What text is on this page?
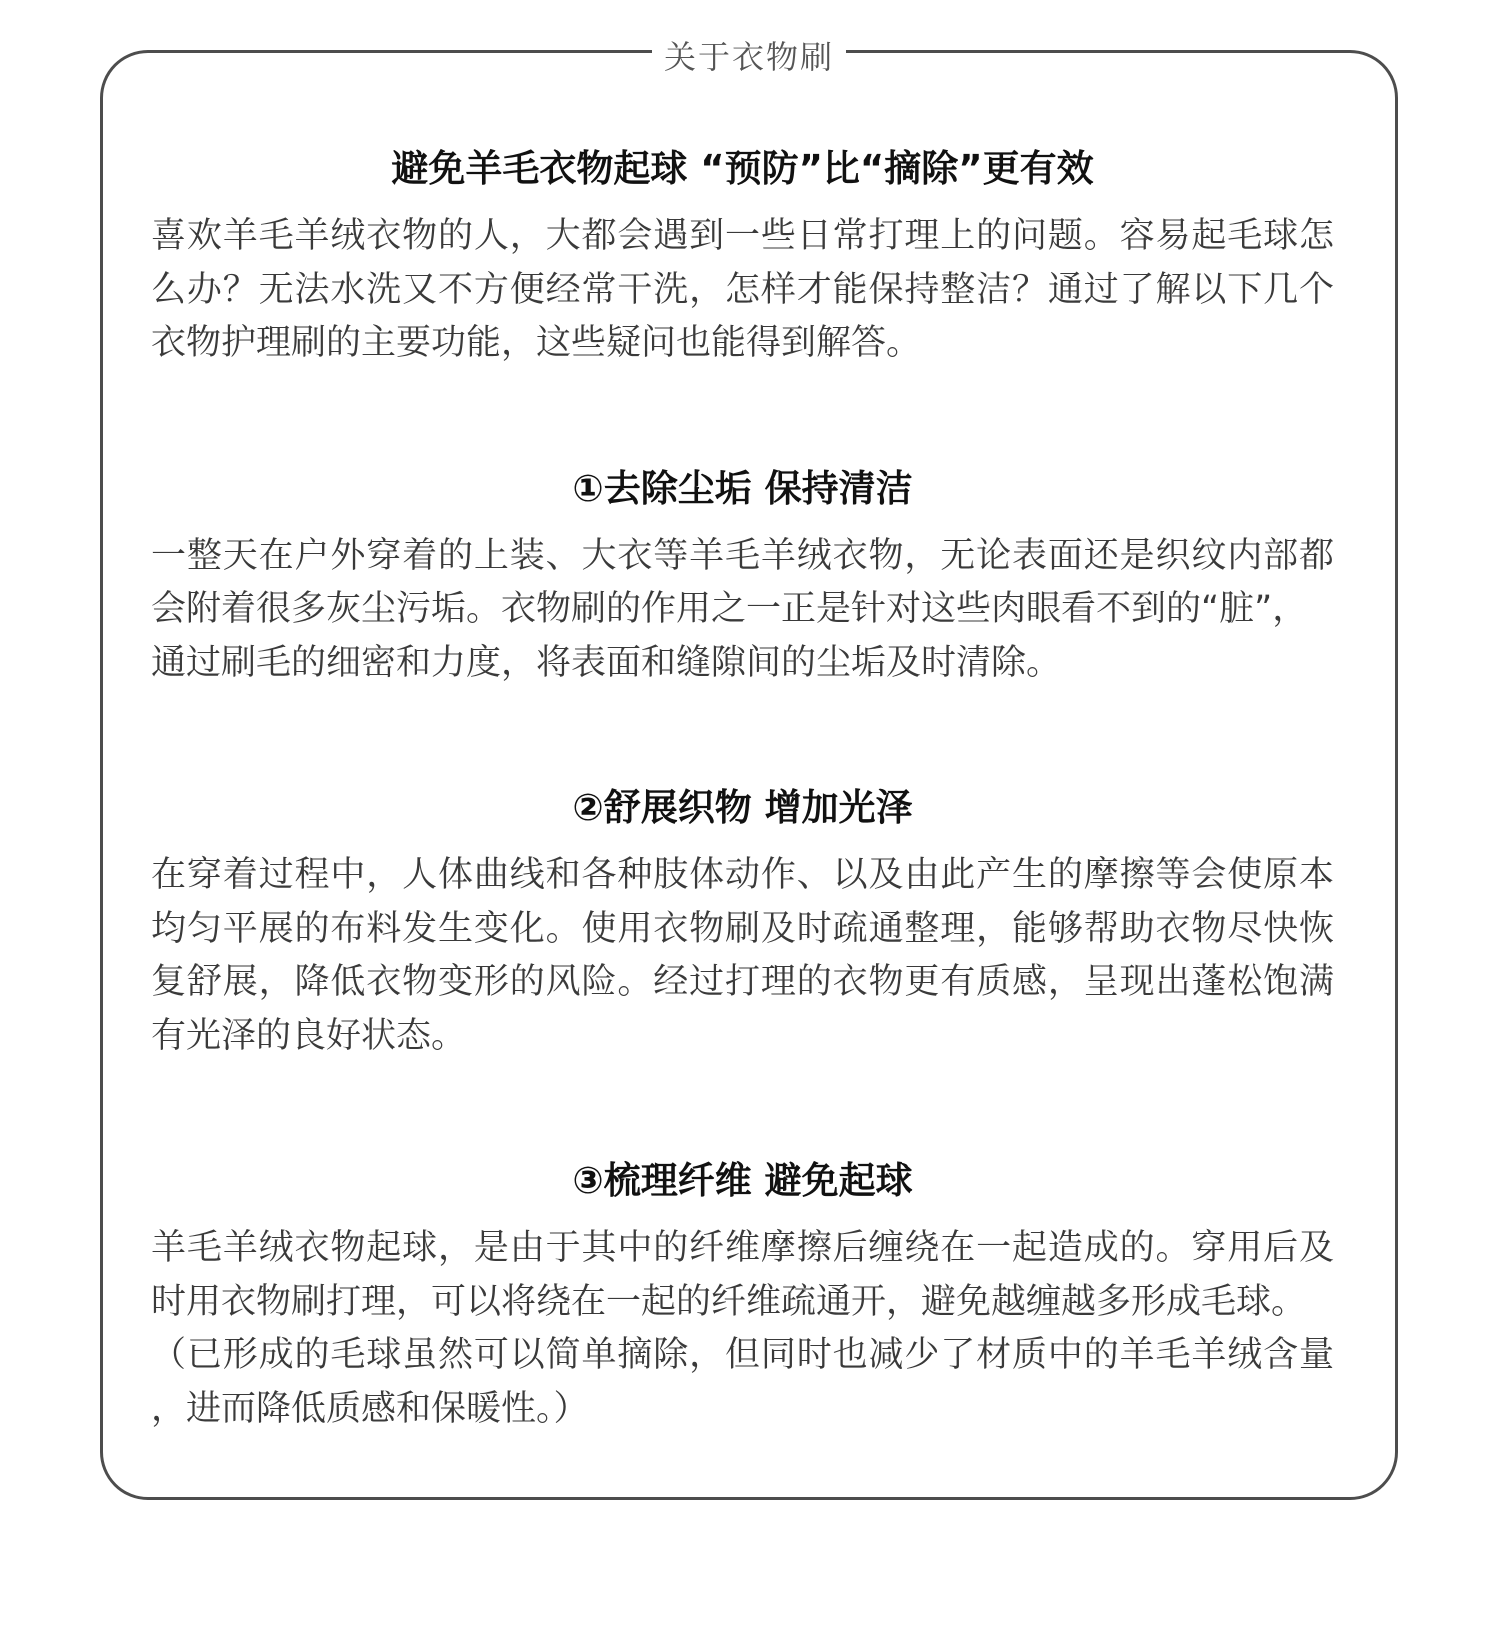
关于衣物刷
避免羊毛衣物起球 “预防”比“摘除”更有效
喜欢羊毛羊绒衣物的人，大都会遇到一些日常打理上的问题。容易起毛球怎
么办？无法水洗又不方便经常干洗，怎样才能保持整洁？通过了解以下几个
衣物护理刷的主要功能，这些疑问也能得到解答。
①去除尘垢 保持清洁
一整天在户外穿着的上装、大衣等羊毛羊绒衣物，无论表面还是织纹内部都
会附着很多灰尘污垢。衣物刷的作用之一正是针对这些肉眼看不到的“脏”，
通过刷毛的细密和力度，将表面和缝隙间的尘垢及时清除。
②舒展织物 增加光泽
在穿着过程中，人体曲线和各种肢体动作、以及由此产生的摩擦等会使原本
均匀平展的布料发生变化。使用衣物刷及时疏通整理，能够帮助衣物尽快恢
复舒展，降低衣物变形的风险。经过打理的衣物更有质感，呈现出蓬松饱满
有光泽的良好状态。
③梳理纤维 避免起球
羊毛羊绒衣物起球，是由于其中的纤维摩擦后缠绕在一起造成的。穿用后及
时用衣物刷打理，可以将绕在一起的纤维疏通开，避免越缠越多形成毛球。
（已形成的毛球虽然可以简单摘除，但同时也减少了材质中的羊毛羊绒含量
，进而降低质感和保暖性。）
